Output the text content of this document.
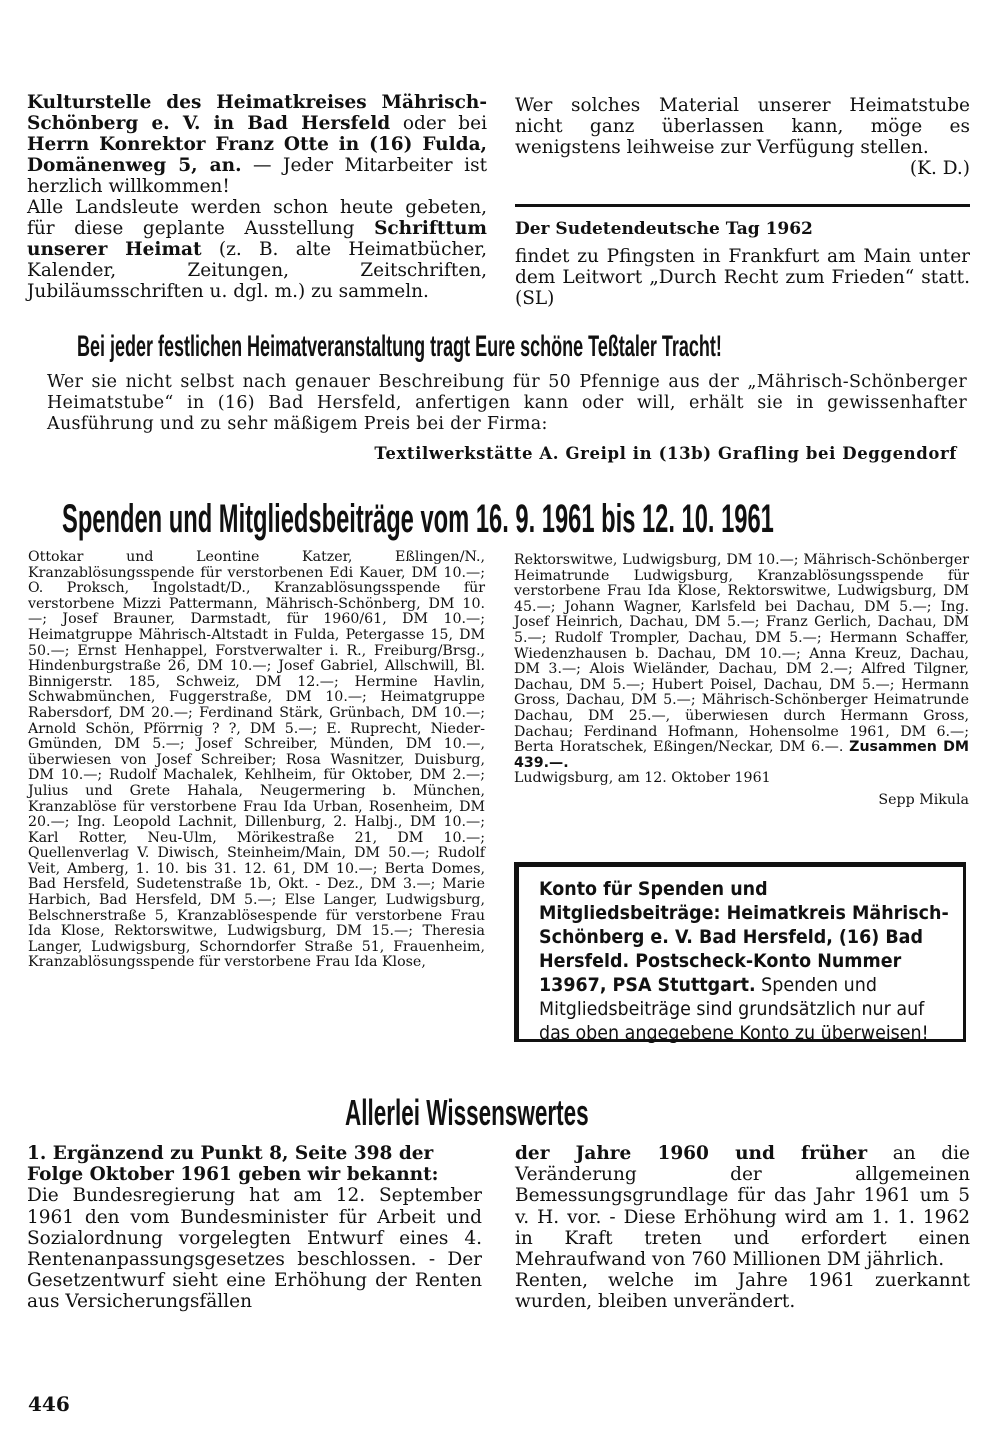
Kulturstelle des Heimatkreises Mährisch-Schönberg e. V. in Bad Hersfeld oder bei Herrn Konrektor Franz Otte in (16) Fulda, Domänenweg 5, an. — Jeder Mitarbeiter ist herzlich willkommen!
Alle Landsleute werden schon heute gebeten, für diese geplante Ausstellung Schrifttum unserer Heimat (z. B. alte Heimatbücher, Kalender, Zeitungen, Zeitschriften, Jubiläumsschriften u. dgl. m.) zu sammeln.
Wer solches Material unserer Heimatstube nicht ganz überlassen kann, möge es wenigstens leihweise zur Verfügung stellen.
(K. D.)
Der Sudetendeutsche Tag 1962
findet zu Pfingsten in Frankfurt am Main unter dem Leitwort „Durch Recht zum Frieden“ statt. (SL)
Bei jeder festlichen Heimatveranstaltung tragt Eure schöne Teßtaler Tracht!
Wer sie nicht selbst nach genauer Beschreibung für 50 Pfennige aus der „Mährisch-Schönberger Heimatstube“ in (16) Bad Hersfeld, anfertigen kann oder will, erhält sie in gewissenhafter Ausführung und zu sehr mäßigem Preis bei der Firma:
Textilwerkstätte A. Greipl in (13b) Grafling bei Deggendorf
Spenden und Mitgliedsbeiträge vom 16. 9. 1961 bis 12. 10. 1961
Ottokar und Leontine Katzer, Eßlingen/N., Kranzablösungsspende für verstorbenen Edi Kauer, DM 10.—; O. Proksch, Ingolstadt/D., Kranzablösungsspende für verstorbene Mizzi Pattermann, Mährisch-Schönberg, DM 10.—; Josef Brauner, Darmstadt, für 1960/61, DM 10.—; Heimatgruppe Mährisch-Altstadt in Fulda, Petergasse 15, DM 50.—; Ernst Henhappel, Forstverwalter i. R., Freiburg/Brsg., Hindenburgstraße 26, DM 10.—; Josef Gabriel, Allschwill, Bl. Binnigerstr. 185, Schweiz, DM 12.—; Hermine Havlin, Schwabmünchen, Fuggerstraße, DM 10.—; Heimatgruppe Rabersdorf, DM 20.—; Ferdinand Stärk, Grünbach, DM 10.—; Arnold Schön, Pförrnig ? ?, DM 5.—; E. Ruprecht, Nieder-Gmünden, DM 5.—; Josef Schreiber, Münden, DM 10.—, überwiesen von Josef Schreiber; Rosa Wasnitzer, Duisburg, DM 10.—; Rudolf Machalek, Kehlheim, für Oktober, DM 2.—; Julius und Grete Hahala, Neugermering b. München, Kranzablöse für verstorbene Frau Ida Urban, Rosenheim, DM 20.—; Ing. Leopold Lachnit, Dillenburg, 2. Halbj., DM 10.—; Karl Rotter, Neu-Ulm, Mörikestraße 21, DM 10.—; Quellenverlag V. Diwisch, Steinheim/Main, DM 50.—; Rudolf Veit, Amberg, 1. 10. bis 31. 12. 61, DM 10.—; Berta Domes, Bad Hersfeld, Sudetenstraße 1b, Okt. - Dez., DM 3.—; Marie Harbich, Bad Hersfeld, DM 5.—; Else Langer, Ludwigsburg, Belschnerstraße 5, Kranzablösespende für verstorbene Frau Ida Klose, Rektorswitwe, Ludwigsburg, DM 15.—; Theresia Langer, Ludwigsburg, Schorndorfer Straße 51, Frauenheim, Kranzablösungsspende für verstorbene Frau Ida Klose,
Rektorswitwe, Ludwigsburg, DM 10.—; Mährisch-Schönberger Heimatrunde Ludwigsburg, Kranzablösungsspende für verstorbene Frau Ida Klose, Rektorswitwe, Ludwigsburg, DM 45.—; Johann Wagner, Karlsfeld bei Dachau, DM 5.—; Ing. Josef Heinrich, Dachau, DM 5.—; Franz Gerlich, Dachau, DM 5.—; Rudolf Trompler, Dachau, DM 5.—; Hermann Schaffer, Wiedenzhausen b. Dachau, DM 10.—; Anna Kreuz, Dachau, DM 3.—; Alois Wieländer, Dachau, DM 2.—; Alfred Tilgner, Dachau, DM 5.—; Hubert Poisel, Dachau, DM 5.—; Hermann Gross, Dachau, DM 5.—; Mährisch-Schönberger Heimatrunde Dachau, DM 25.—, überwiesen durch Hermann Gross, Dachau; Ferdinand Hofmann, Hohensolme 1961, DM 6.—; Berta Horatschek, Eßingen/Neckar, DM 6.—. Zusammen DM 439.—.
Ludwigsburg, am 12. Oktober 1961
Sepp Mikula
Konto für Spenden und Mitgliedsbeiträge: Heimatkreis Mährisch-Schönberg e. V. Bad Hersfeld, (16) Bad Hersfeld. Postscheck-Konto Nummer 13967, PSA Stuttgart. Spenden und Mitgliedsbeiträge sind grundsätzlich nur auf das oben angegebene Konto zu überweisen!
Allerlei Wissenswertes
1. Ergänzend zu Punkt 8, Seite 398 der Folge Oktober 1961 geben wir bekannt:
Die Bundesregierung hat am 12. September 1961 den vom Bundesminister für Arbeit und Sozialordnung vorgelegten Entwurf eines 4. Rentenanpassungsgesetzes beschlossen. - Der Gesetzentwurf sieht eine Erhöhung der Renten aus Versicherungsfällen
der Jahre 1960 und früher an die Veränderung der allgemeinen Bemessungsgrundlage für das Jahr 1961 um 5 v. H. vor. - Diese Erhöhung wird am 1. 1. 1962 in Kraft treten und erfordert einen Mehraufwand von 760 Millionen DM jährlich.
Renten, welche im Jahre 1961 zuerkannt wurden, bleiben unverändert.
446
